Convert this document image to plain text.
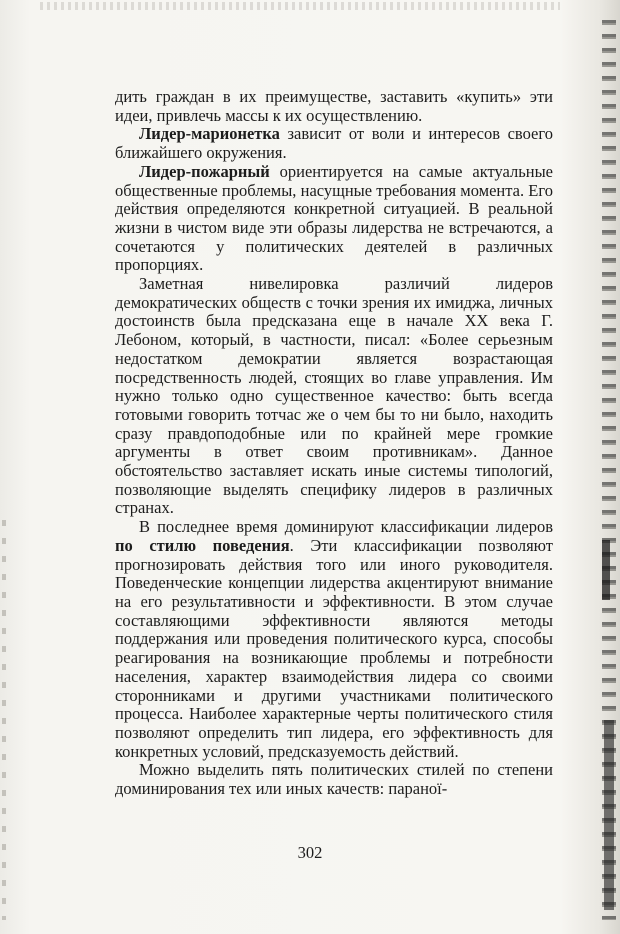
дить граждан в их преимуществе, заставить «купить» эти идеи, привлечь массы к их осуществлению.

Лидер-марионетка зависит от воли и интересов своего ближайшего окружения.

Лидер-пожарный ориентируется на самые актуальные общественные проблемы, насущные требования момента. Его действия определяются конкретной ситуацией. В реальной жизни в чистом виде эти образы лидерства не встречаются, а сочетаются у политических деятелей в различных пропорциях.

Заметная нивелировка различий лидеров демократических обществ с точки зрения их имиджа, личных достоинств была предсказана еще в начале XX века Г. Лебоном, который, в частности, писал: «Более серьезным недостатком демократии является возрастающая посредственность людей, стоящих во главе управления. Им нужно только одно существенное качество: быть всегда готовыми говорить тотчас же о чем бы то ни было, находить сразу правдоподобные или по крайней мере громкие аргументы в ответ своим противникам». Данное обстоятельство заставляет искать иные системы типологий, позволяющие выделять специфику лидеров в различных странах.

В последнее время доминируют классификации лидеров по стилю поведения. Эти классификации позволяют прогнозировать действия того или иного руководителя. Поведенческие концепции лидерства акцентируют внимание на его результативности и эффективности. В этом случае составляющими эффективности являются методы поддержания или проведения политического курса, способы реагирования на возникающие проблемы и потребности населения, характер взаимодействия лидера со своими сторонниками и другими участниками политического процесса. Наиболее характерные черты политического стиля позволяют определить тип лидера, его эффективность для конкретных условий, предсказуемость действий.

Можно выделить пять политических стилей по степени доминирования тех или иных качеств: параної-

302
